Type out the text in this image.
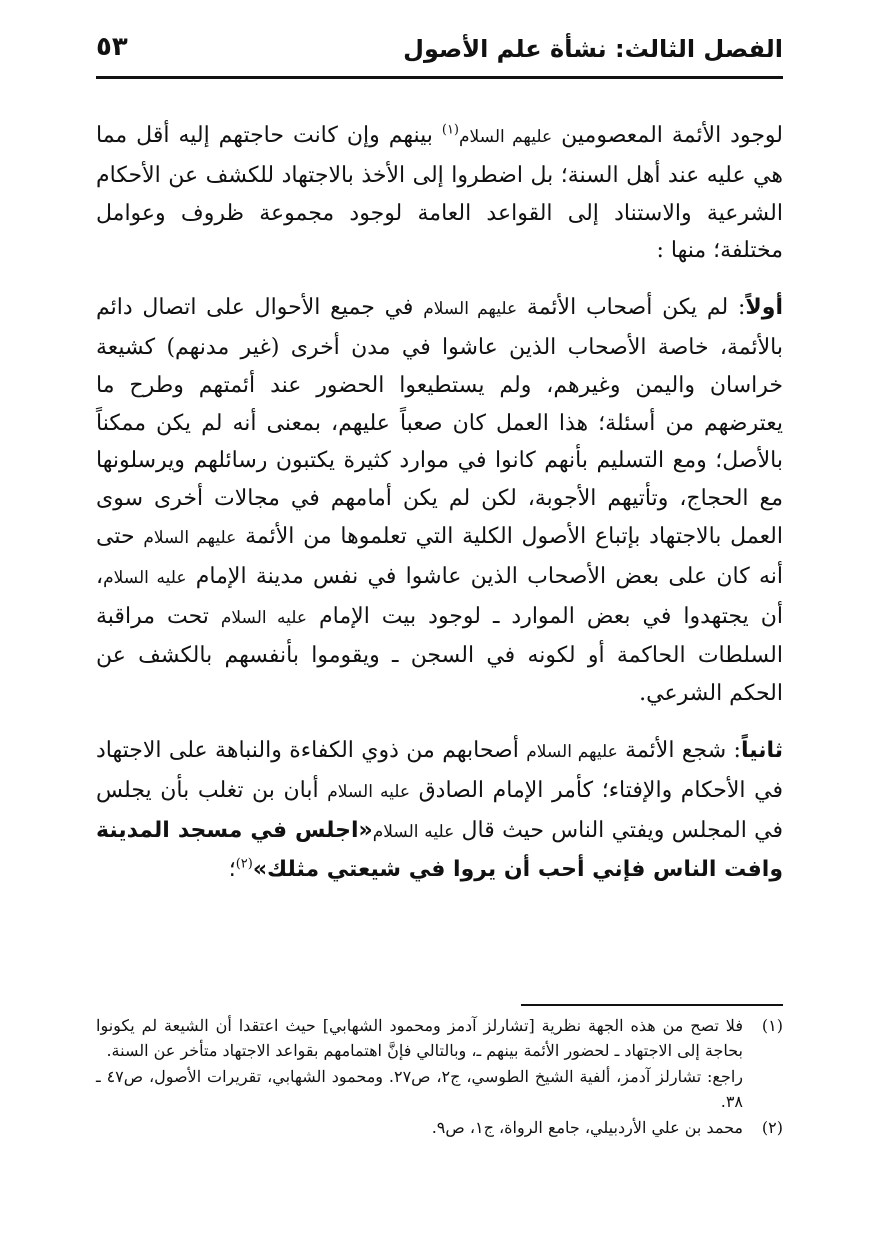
الفصل الثالث: نشأة علم الأصول
٥٣

لوجود الأئمة المعصومين عليهم السلام$^{(١)}$ بينهم وإن كانت حاجتهم إليه أقل مما هي عليه عند أهل السنة؛ بل اضطروا إلى الأخذ بالاجتهاد للكشف عن الأحكام الشرعية والاستناد إلى القواعد العامة لوجود مجموعة ظروف وعوامل مختلفة؛ منها :

أولاً: لم يكن أصحاب الأئمة عليهم السلام في جميع الأحوال على اتصال دائم بالأئمة، خاصة الأصحاب الذين عاشوا في مدن أخرى (غير مدنهم) كشيعة خراسان واليمن وغيرهم، ولم يستطيعوا الحضور عند أئمتهم وطرح ما يعترضهم من أسئلة؛ هذا العمل كان صعباً عليهم، بمعنى أنه لم يكن ممكناً بالأصل؛ ومع التسليم بأنهم كانوا في موارد كثيرة يكتبون رسائلهم ويرسلونها مع الحجاج، وتأتيهم الأجوبة، لكن لم يكن أمامهم في مجالات أخرى سوى العمل بالاجتهاد بإتباع الأصول الكلية التي تعلموها من الأئمة عليهم السلام حتى أنه كان على بعض الأصحاب الذين عاشوا في نفس مدينة الإمام عليه السلام، أن يجتهدوا في بعض الموارد ـ لوجود بيت الإمام عليه السلام تحت مراقبة السلطات الحاكمة أو لكونه في السجن ـ ويقوموا بأنفسهم بالكشف عن الحكم الشرعي.

ثانياً: شجع الأئمة عليهم السلام أصحابهم من ذوي الكفاءة والنباهة على الاجتهاد في الأحكام والإفتاء؛ كأمر الإمام الصادق عليه السلام أبان بن تغلب بأن يجلس في المجلس ويفتي الناس حيث قال عليه السلام«اجلس في مسجد المدينة وافت الناس فإني أحب أن يروا في شيعتي مثلك»$^{(٢)}$؛

(١)

فلا تصح من هذه الجهة نظرية [تشارلز آدمز ومحمود الشهابي] حيث اعتقدا أن الشيعة لم يكونوا بحاجة إلى الاجتهاد ـ لحضور الأئمة بينهم ـ، وبالتالي فإنَّ اهتمامهم بقواعد الاجتهاد متأخر عن السنة.

راجع: تشارلز آدمز، ألفية الشيخ الطوسي، ج٢، ص٢٧. ومحمود الشهابي، تقريرات الأصول، ص٤٧ ـ ٣٨.

(٢)

محمد بن علي الأردبيلي، جامع الرواة، ج١، ص٩.
